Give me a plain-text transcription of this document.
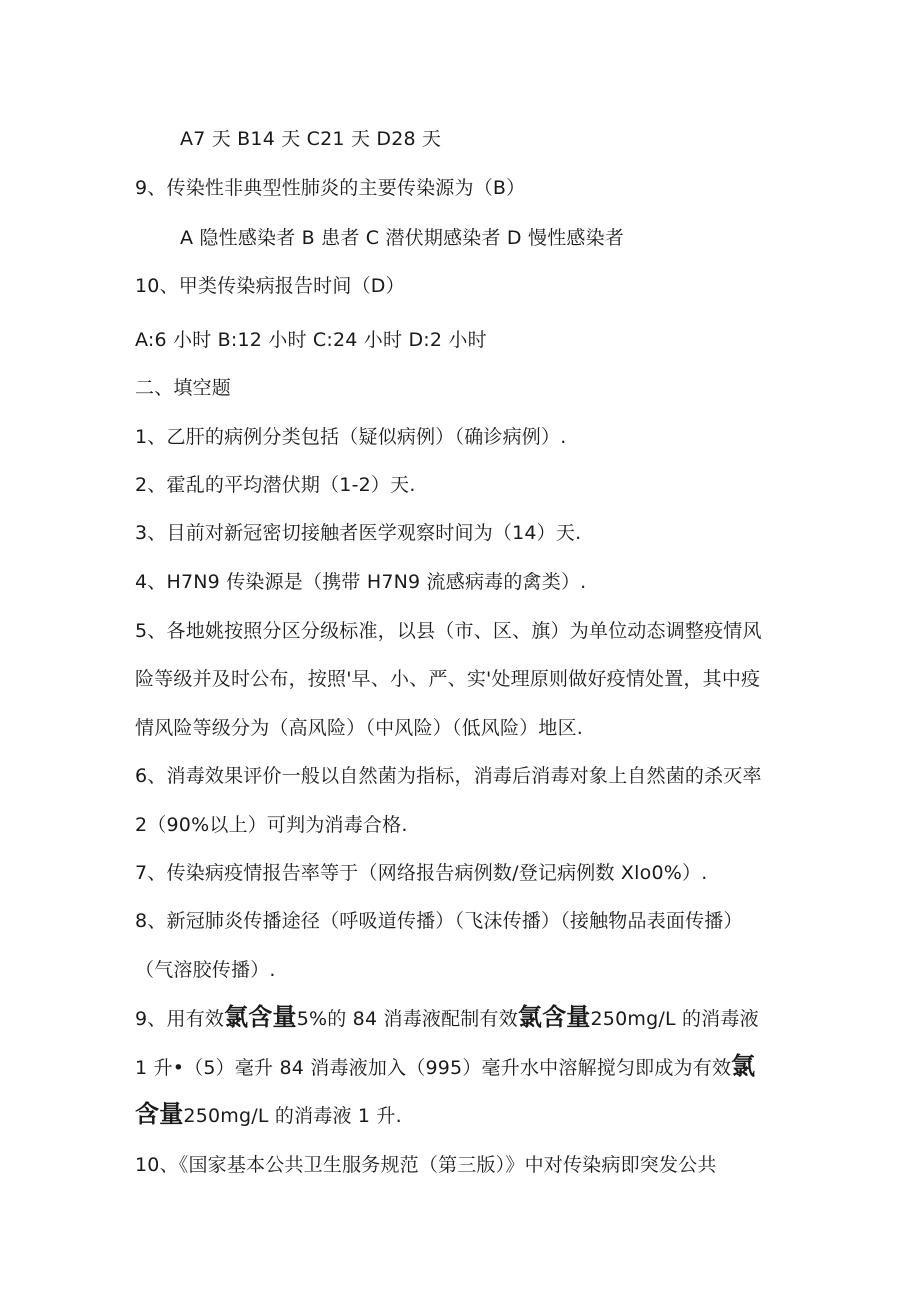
A7 天 B14 天 C21 天 D28 天
9、传染性非典型性肺炎的主要传染源为（B）
A 隐性感染者 B 患者 C 潜伏期感染者 D 慢性感染者
10、甲类传染病报告时间（D）
A:6 小时 B:12 小时 C:24 小时 D:2 小时
二、填空题
1、乙肝的病例分类包括（疑似病例）（确诊病例）.
2、霍乱的平均潜伏期（1-2）天.
3、目前对新冠密切接触者医学观察时间为（14）天.
4、H7N9 传染源是（携带 H7N9 流感病毒的禽类）.
5、各地姚按照分区分级标准，以县（市、区、旗）为单位动态调整疫情风
险等级并及时公布，按照'早、小、严、实'处理原则做好疫情处置，其中疫
情风险等级分为（高风险）（中风险）（低风险）地区.
6、消毒效果评价一般以自然菌为指标，消毒后消毒对象上自然菌的杀灭率
2（90%以上）可判为消毒合格.
7、传染病疫情报告率等于（网络报告病例数/登记病例数 Xlo0%）.
8、新冠肺炎传播途径（呼吸道传播）（飞沫传播）（接触物品表面传播）
（气溶胶传播）.
9、用有效氯含量5%的 84 消毒液配制有效氯含量250mg/L 的消毒液
1 升•（5）毫升 84 消毒液加入（995）毫升水中溶解搅匀即成为有效氯
含量250mg/L 的消毒液 1 升.
10、《国家基本公共卫生服务规范（第三版）》中对传染病即突发公共
